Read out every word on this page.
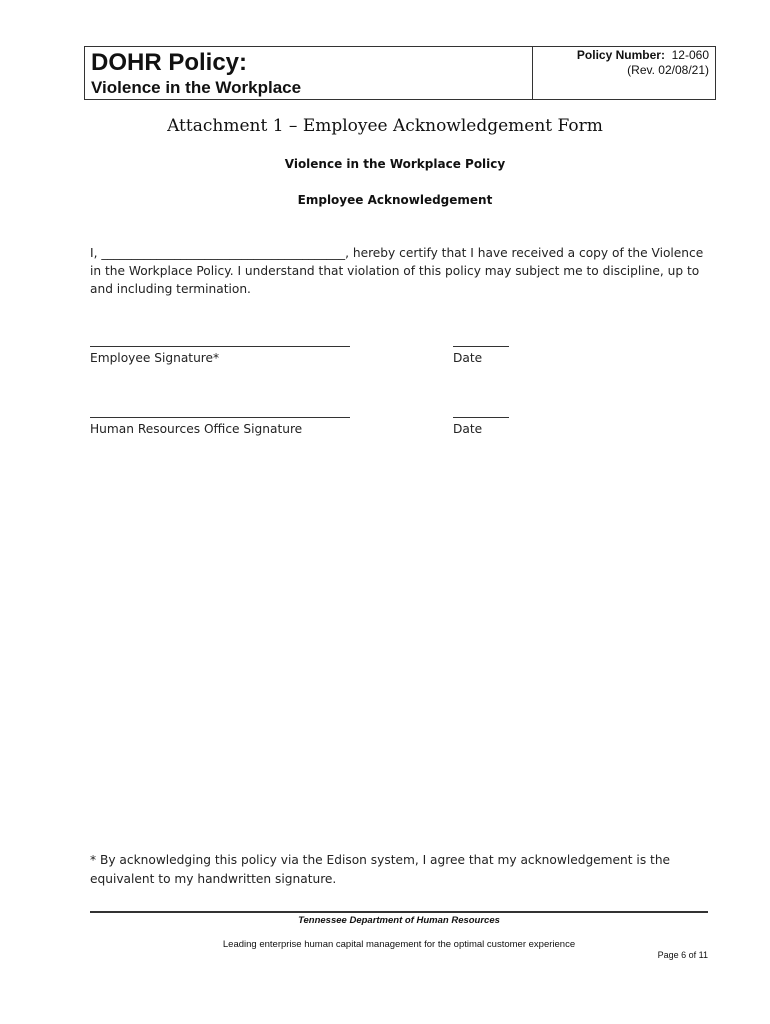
DOHR Policy:
Violence in the Workplace
Policy Number: 12-060
(Rev. 02/08/21)
Attachment 1 – Employee Acknowledgement Form
Violence in the Workplace Policy
Employee Acknowledgement
I, ________________________________________, hereby certify that I have received a copy of the Violence in the Workplace Policy. I understand that violation of this policy may subject me to discipline, up to and including termination.
Employee Signature*	Date
Human Resources Office Signature	Date
* By acknowledging this policy via the Edison system, I agree that my acknowledgement is the equivalent to my handwritten signature.
Tennessee Department of Human Resources
Leading enterprise human capital management for the optimal customer experience
Page 6 of 11
